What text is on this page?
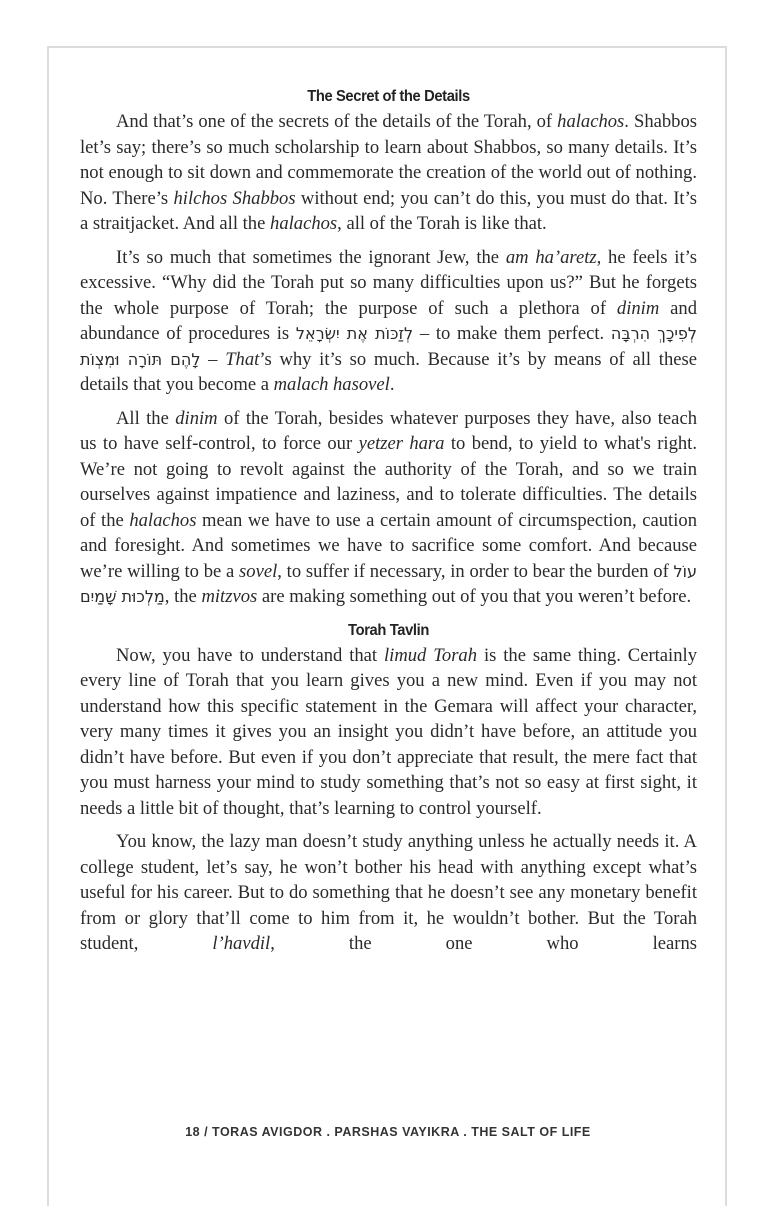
The Secret of the Details

And that’s one of the secrets of the details of the Torah, of halachos. Shabbos let’s say; there’s so much scholarship to learn about Shabbos, so many details. It’s not enough to sit down and commemorate the creation of the world out of nothing. No. There’s hilchos Shabbos without end; you can’t do this, you must do that. It’s a straitjacket. And all the halachos, all of the Torah is like that.

It’s so much that sometimes the ignorant Jew, the am ha’aretz, he feels it’s excessive. “Why did the Torah put so many difficulties upon us?” But he forgets the whole purpose of Torah; the purpose of such a plethora of dinim and abundance of procedures is לְזַכּוֹת אֶת יִשְׂרָאֵל – to make them perfect. לְפִיכָךְ הִרְבָּה לָהֶם תּוֹרָה וּמִצְוֹת – That’s why it’s so much. Because it’s by means of all these details that you become a malach hasovel.

All the dinim of the Torah, besides whatever purposes they have, also teach us to have self-control, to force our yetzer hara to bend, to yield to what's right. We’re not going to revolt against the authority of the Torah, and so we train ourselves against impatience and laziness, and to tolerate difficulties. The details of the halachos mean we have to use a certain amount of circumspection, caution and foresight. And sometimes we have to sacrifice some comfort. And because we’re willing to be a sovel, to suffer if necessary, in order to bear the burden of עוֹל מַלְכוּת שָׁמַיִם, the mitzvos are making something out of you that you weren’t before.

Torah Tavlin

Now, you have to understand that limud Torah is the same thing. Certainly every line of Torah that you learn gives you a new mind. Even if you may not understand how this specific statement in the Gemara will affect your character, very many times it gives you an insight you didn’t have before, an attitude you didn’t have before. But even if you don’t appreciate that result, the mere fact that you must harness your mind to study something that’s not so easy at first sight, it needs a little bit of thought, that’s learning to control yourself.

You know, the lazy man doesn’t study anything unless he actually needs it. A college student, let’s say, he won’t bother his head with anything except what’s useful for his career. But to do something that he doesn’t see any monetary benefit from or glory that’ll come to him from it, he wouldn’t bother. But the Torah student, l’havdil, the one who learns

18 / TORAS AVIGDOR . PARSHAS VAYIKRA . THE SALT OF LIFE
